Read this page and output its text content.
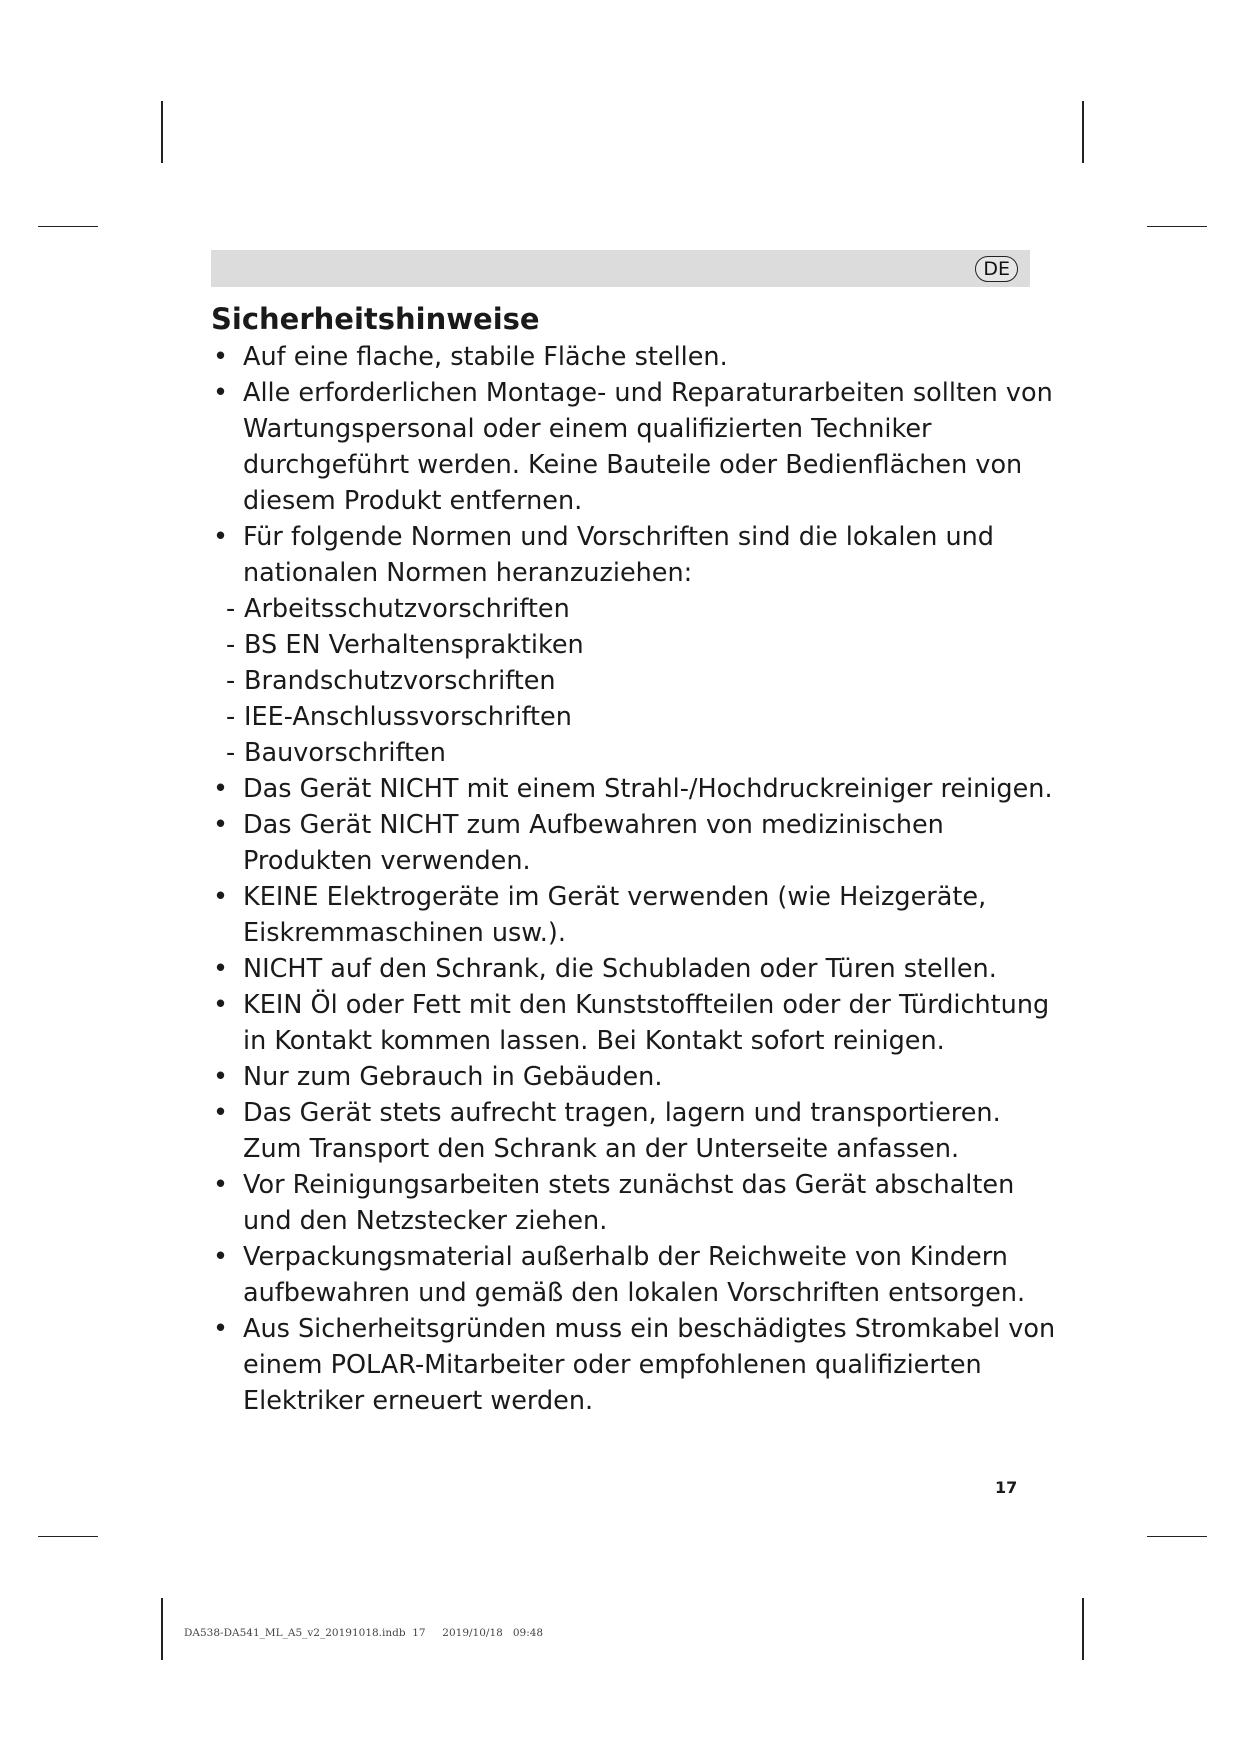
DE
Sicherheitshinweise
•
Auf eine flache, stabile Fläche stellen.
•
Alle erforderlichen Montage- und Reparaturarbeiten sollten von Wartungspersonal oder einem qualifizierten Techniker durchgeführt werden. Keine Bauteile oder Bedienflächen von diesem Produkt entfernen.
•
Für folgende Normen und Vorschriften sind die lokalen und nationalen Normen heranzuziehen:
-
Arbeitsschutzvorschriften
-
BS EN Verhaltenspraktiken
-
Brandschutzvorschriften
-
IEE-Anschlussvorschriften
-
Bauvorschriften
•
Das Gerät NICHT mit einem Strahl-/Hochdruckreiniger reinigen.
•
Das Gerät NICHT zum Aufbewahren von medizinischen Produkten verwenden.
•
KEINE Elektrogeräte im Gerät verwenden (wie Heizgeräte, Eiskremmaschinen usw.).
•
NICHT auf den Schrank, die Schubladen oder Türen stellen.
•
KEIN Öl oder Fett mit den Kunststoffteilen oder der Türdichtung in Kontakt kommen lassen. Bei Kontakt sofort reinigen.
•
Nur zum Gebrauch in Gebäuden.
•
Das Gerät stets aufrecht tragen, lagern und transportieren. Zum Transport den Schrank an der Unterseite anfassen.
•
Vor Reinigungsarbeiten stets zunächst das Gerät abschalten und den Netzstecker ziehen.
•
Verpackungsmaterial außerhalb der Reichweite von Kindern aufbewahren und gemäß den lokalen Vorschriften entsorgen.
•
Aus Sicherheitsgründen muss ein beschädigtes Stromkabel von einem POLAR-Mitarbeiter oder empfohlenen qualifizierten Elektriker erneuert werden.
17
DA538-DA541_ML_A5_v2_20191018.indb  17     2019/10/18   09:48
